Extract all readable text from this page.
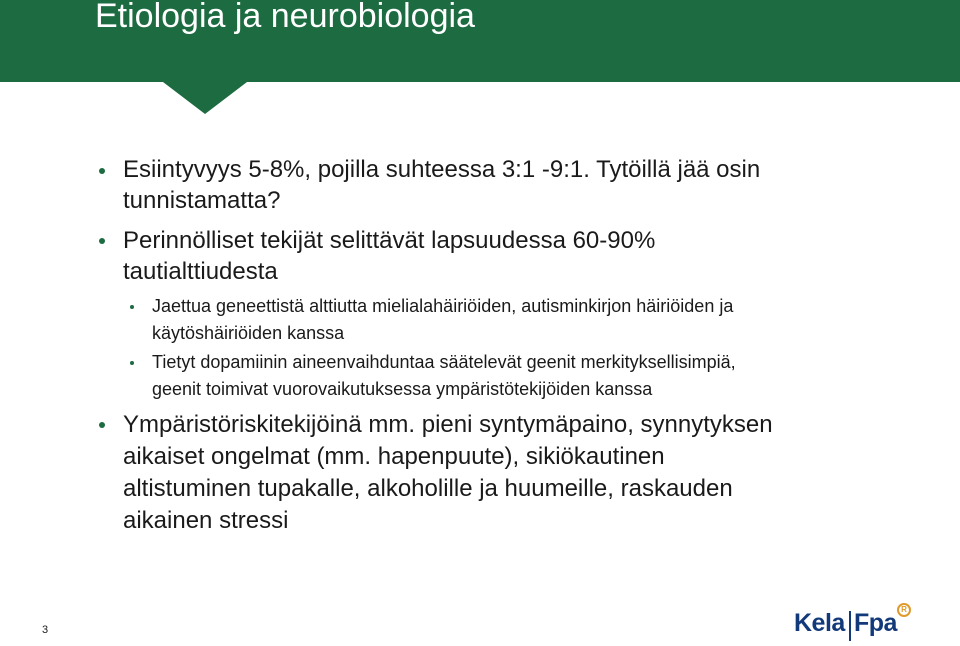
Etiologia ja neurobiologia
Esiintyvyys 5-8%, pojilla suhteessa 3:1 -9:1. Tytöillä jää osin
tunnistamatta?
Perinnölliset tekijät selittävät lapsuudessa 60-90%
tautialttiudesta
Jaettua geneettistä alttiutta mielialahäiriöiden, autisminkirjon häiriöiden ja
käytöshäiriöiden kanssa
Tietyt dopamiinin aineenvaihduntaa säätelevät geenit merkityksellisimpiä,
geenit toimivat vuorovaikutuksessa ympäristötekijöiden kanssa
Ympäristöriskitekijöinä mm. pieni syntymäpaino, synnytyksen
aikaiset ongelmat (mm. hapenpuute), sikiökautinen
altistuminen tupakalle, alkoholille ja huumeille, raskauden
aikainen stressi
3	Kela Fpa R
